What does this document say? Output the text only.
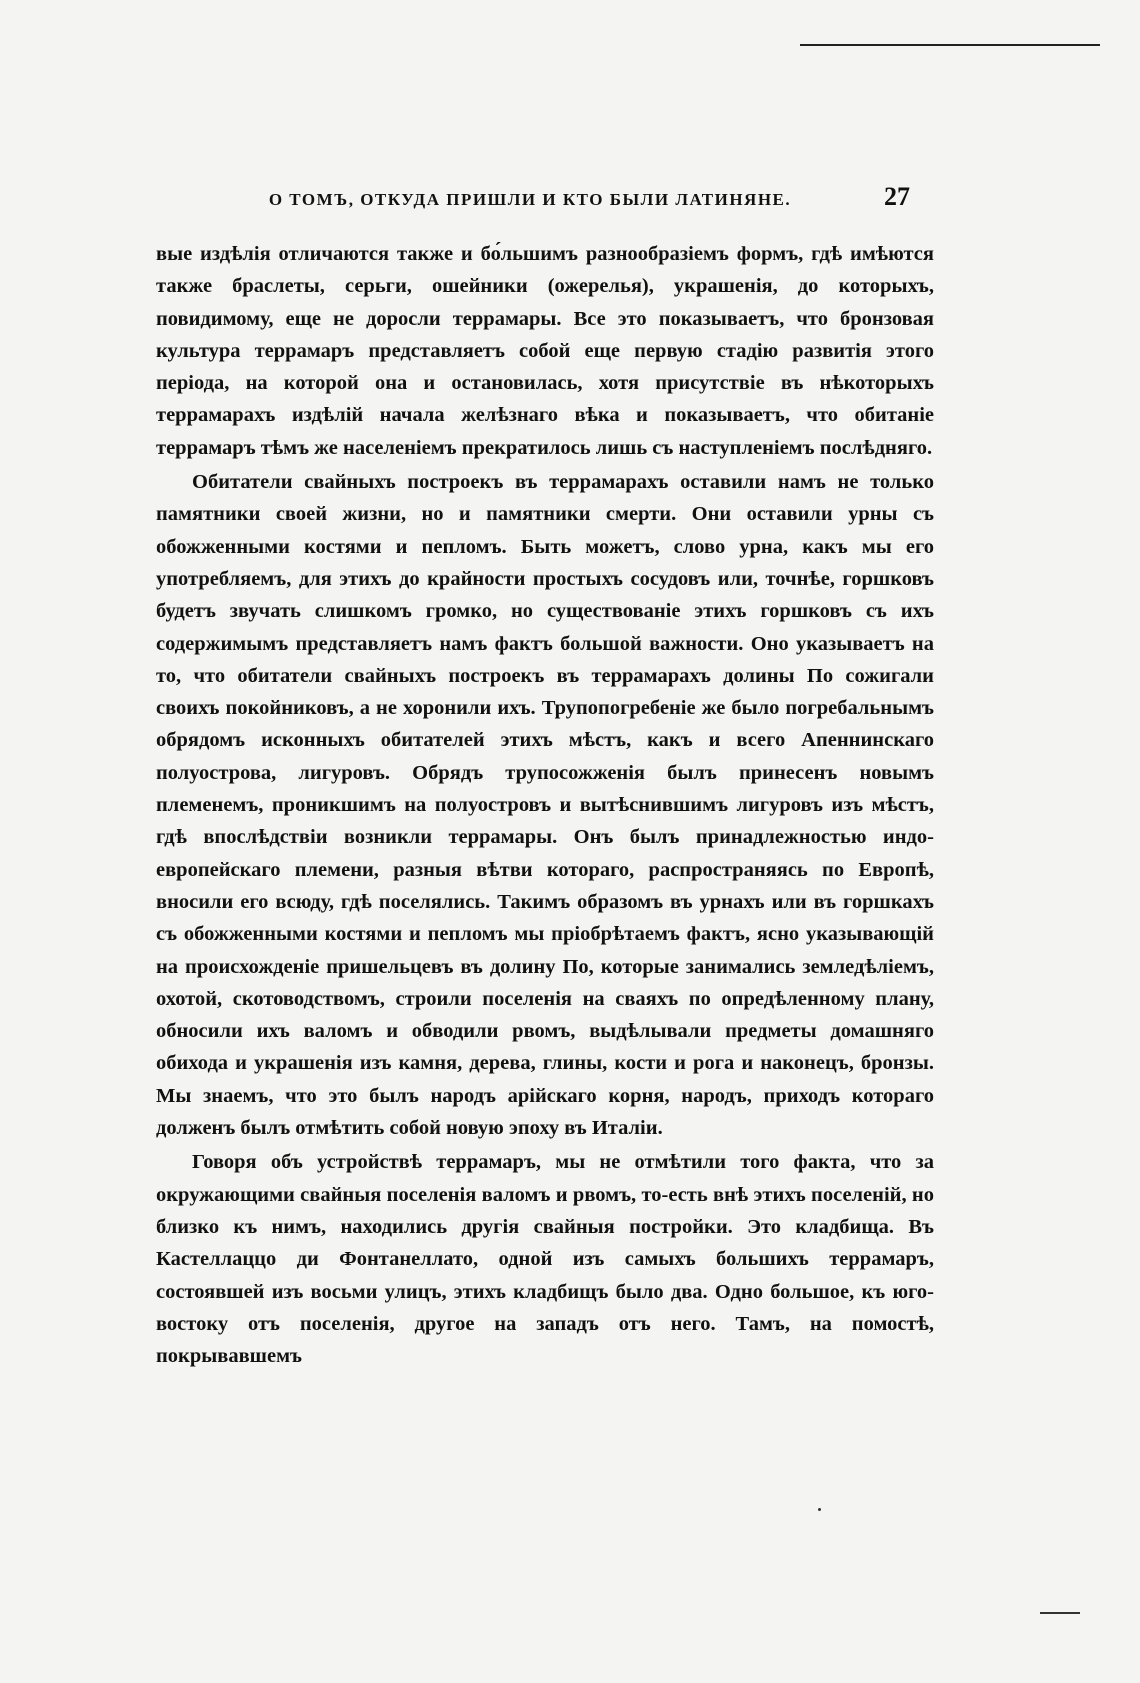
О ТОМЪ, ОТКУДА ПРИШЛИ И КТО БЫЛИ ЛАТИНЯНЕ.	27

вые издѣлія отличаются также и бо́льшимъ разнообразіемъ формъ, гдѣ имѣются также браслеты, серьги, ошейники (ожерелья), украшенія, до которыхъ, повидимому, еще не доросли террамары. Все это показываетъ, что бронзовая культура террамаръ представляетъ собой еще первую стадію развитія этого періода, на которой она и остановилась, хотя присутствіе въ нѣкоторыхъ террамарахъ издѣлій начала желѣзнаго вѣка и показываетъ, что обитаніе террамаръ тѣмъ же населеніемъ прекратилось лишь съ наступленіемъ послѣдняго.

Обитатели свайныхъ построекъ въ террамарахъ оставили намъ не только памятники своей жизни, но и памятники смерти. Они оставили урны съ обожженными костями и пепломъ. Быть можетъ, слово урна, какъ мы его употребляемъ, для этихъ до крайности простыхъ сосудовъ или, точнѣе, горшковъ будетъ звучать слишкомъ громко, но существованіе этихъ горшковъ съ ихъ содержимымъ представляетъ намъ фактъ большой важности. Оно указываетъ на то, что обитатели свайныхъ построекъ въ террамарахъ долины По сожигали своихъ покойниковъ, а не хоронили ихъ. Трупопогребеніе же было погребальнымъ обрядомъ исконныхъ обитателей этихъ мѣстъ, какъ и всего Апеннинскаго полуострова, лигуровъ. Обрядъ трупосожженія былъ принесенъ новымъ племенемъ, проникшимъ на полуостровъ и вытѣснившимъ лигуровъ изъ мѣстъ, гдѣ впослѣдствіи возникли террамары. Онъ былъ принадлежностью индо-европейскаго племени, разныя вѣтви котораго, распространяясь по Европѣ, вносили его всюду, гдѣ поселялись. Такимъ образомъ въ урнахъ или въ горшкахъ съ обожженными костями и пепломъ мы пріобрѣтаемъ фактъ, ясно указывающій на происхожденіе пришельцевъ въ долину По, которые занимались земледѣліемъ, охотой, скотоводствомъ, строили поселенія на сваяхъ по опредѣленному плану, обносили ихъ валомъ и обводили рвомъ, выдѣлывали предметы домашняго обихода и украшенія изъ камня, дерева, глины, кости и рога и наконецъ, бронзы. Мы знаемъ, что это былъ народъ арійскаго корня, народъ, приходъ котораго долженъ былъ отмѣтить собой новую эпоху въ Италіи.

Говоря объ устройствѣ террамаръ, мы не отмѣтили того факта, что за окружающими свайныя поселенія валомъ и рвомъ, то-есть внѣ этихъ поселеній, но близко къ нимъ, находились другія свайныя постройки. Это кладбища. Въ Кастеллаццо ди Фонтанеллато, одной изъ самыхъ большихъ террамаръ, состоявшей изъ восьми улицъ, этихъ кладбищъ было два. Одно большое, къ юго-востоку отъ поселенія, другое на западъ отъ него. Тамъ, на помостѣ, покрывавшемъ
